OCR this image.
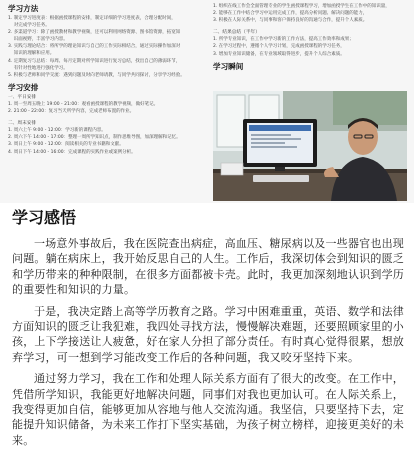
学习方法
1. 制定学习进度表：根据函授课程的安排，制定详细的学习进度表，合理分配时间，
对完成学习任务。
2. 多渠道学习：除了函授教材和教学视频，还可以利用网络资源、图书馆资源，拓宽知
识面视野，丰富学习内容。
3. 实践与理论结合：将所学的理论知识与自己的工作实际相结合，通过实际操作加深对
知识的理解和应用。
4. 定期复习与总结：每周、每月定期对所学知识进行复习总结，找出自己的薄弱环节，
有针对性地进行强化学习。
5. 积极与老师和同学交流：遇到问题及时向老师请教，与同学共同探讨，分享学习经验。
学习安排
一、平日安排
1. 周一至周五晚上 19:00 - 21:00：观看函授课程的教学视频，做好笔记。
2. 21:00 - 22:00：复习当天所学内容，完成老师布置的作业。
二、周末安排
1. 周六上午 9:00 - 12:00：学习新的课程内容。
2. 周六下午 14:00 - 17:00：整理一周所学知识点，制作思维导图，加深理解和记忆。
3. 周日上午 9:00 - 12:00：阅读相关的专业书籍和文献。
4. 周日下午 14:00 - 16:00：完成课程的实践作业或案例分析。
1. 组织在线工作会全面管理专业的学生函授课程学习，增加函授学生在工作中的知识量，
2. 能够在工作中结合学习中运用完成工作，提高分析问题、解决问题的能力，
3. 积极在人际关系中，与同事和客户保持良好的沟通与合作，提升个人素质。
二、结果总结（半年）
1. 所学专业知识，在工作中学习新的工作方法，提高工作效率和成果；
2. 在学习过程中，遵循个人学习计划，完成函授课程的学习任务，
3. 增加专业知识储备，在专业领域取得进步，提升个人综合素质。
学习瞬间
学习感悟

一场意外事故后，我在医院查出病症，高血压、糖尿病以及一些器官也出现问题。躺在病床上，我开始反思自己的人生。工作后，我深切体会到知识的匮乏和学历带来的种种限制，在很多方面都被卡壳。此时，我更加深刻地认识到学历的重要性和知识的力量。

于是，我决定踏上高等学历教育之路。学习中困难重重，英语、数学和法律方面知识的匮乏让我犯难，我四处寻找方法，慢慢解决难题，还要照顾家里的小孩，上下学接送让人疲惫，好在家人分担了部分责任。有时真心觉得很累，想放弃学习，可一想到学习能改变工作后的各种问题，我又咬牙坚持下来。

通过努力学习，我在工作和处理人际关系方面有了很大的改变。在工作中，凭借所学知识，我能更好地解决问题，同事们对我也更加认可。在人际关系上，我变得更加自信，能够更加从容地与他人交流沟通。我坚信，只要坚持下去，定能提升知识储备，为未来工作打下坚实基础，为孩子树立榜样，迎接更美好的未来。
